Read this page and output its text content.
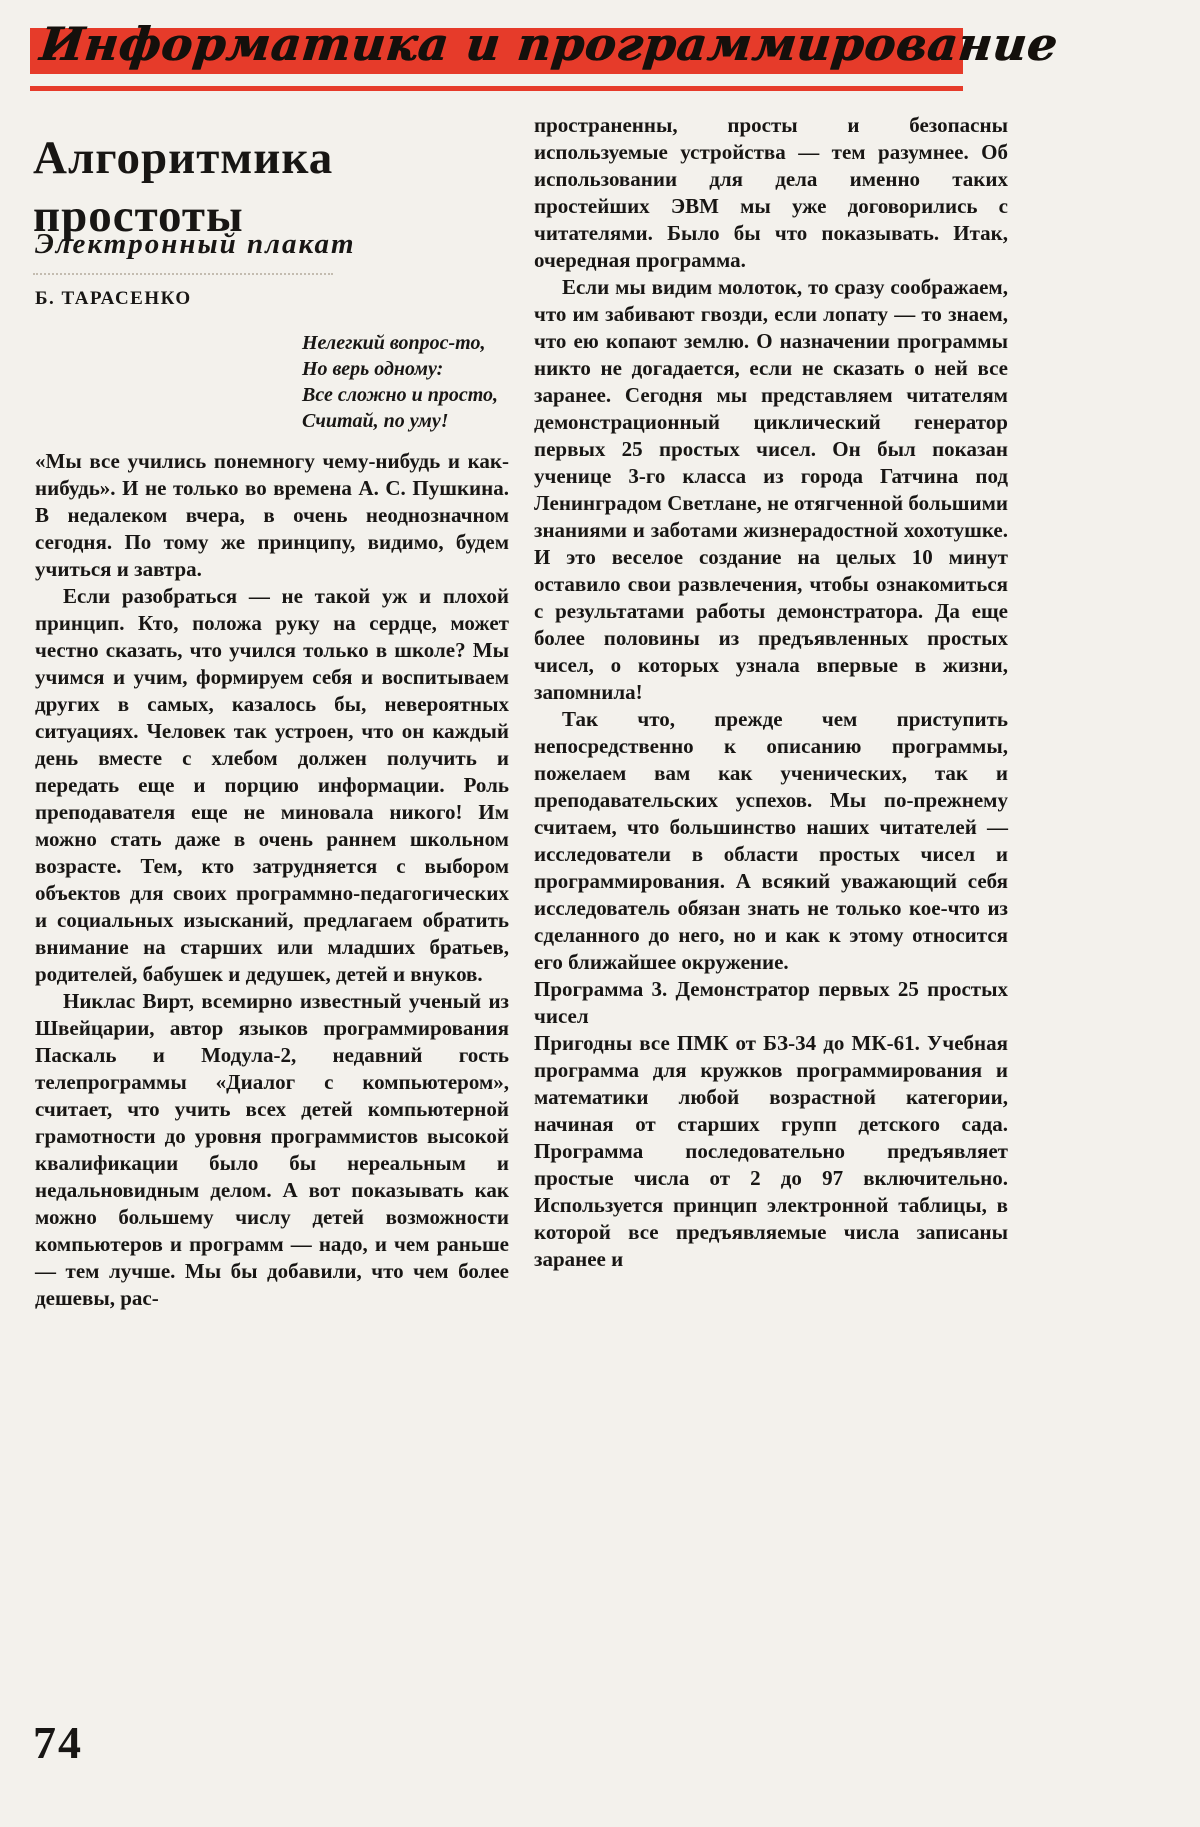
Информатика и программирование
Алгоритмика простоты
Электронный плакат
Б. ТАРАСЕНКО
Нелегкий вопрос-то,
Но верь одному:
Все сложно и просто,
Считай, по уму!

«Мы все учились понемногу чему-нибудь и как-нибудь». И не только во времена А. С. Пушкина. В недалеком вчера, в очень неоднозначном сегодня. По тому же принципу, видимо, будем учиться и завтра.

Если разобраться — не такой уж и плохой принцип. Кто, положа руку на сердце, может честно сказать, что учился только в школе? Мы учимся и учим, формируем себя и воспитываем других в самых, казалось бы, невероятных ситуациях. Человек так устроен, что он каждый день вместе с хлебом должен получить и передать еще и порцию информации. Роль преподавателя еще не миновала никого! Им можно стать даже в очень раннем школьном возрасте. Тем, кто затрудняется с выбором объектов для своих программно-педагогических и социальных изысканий, предлагаем обратить внимание на старших или младших братьев, родителей, бабушек и дедушек, детей и внуков.

Никлас Вирт, всемирно известный ученый из Швейцарии, автор языков программирования Паскаль и Модула-2, недавний гость телепрограммы «Диалог с компьютером», считает, что учить всех детей компьютерной грамотности до уровня программистов высокой квалификации было бы нереальным и недальновидным делом. А вот показывать как можно большему числу детей возможности компьютеров и программ — надо, и чем раньше — тем лучше. Мы бы добавили, что чем более дешевы, рас-

пространенны, просты и безопасны используемые устройства — тем разумнее. Об использовании для дела именно таких простейших ЭВМ мы уже договорились с читателями. Было бы что показывать. Итак, очередная программа.

Если мы видим молоток, то сразу соображаем, что им забивают гвозди, если лопату — то знаем, что ею копают землю. О назначении программы никто не догадается, если не сказать о ней все заранее. Сегодня мы представляем читателям демонстрационный циклический генератор первых 25 простых чисел. Он был показан ученице 3-го класса из города Гатчина под Ленинградом Светлане, не отягченной большими знаниями и заботами жизнерадостной хохотушке. И это веселое создание на целых 10 минут оставило свои развлечения, чтобы ознакомиться с результатами работы демонстратора. Да еще более половины из предъявленных простых чисел, о которых узнала впервые в жизни, запомнила!

Так что, прежде чем приступить непосредственно к описанию программы, пожелаем вам как ученических, так и преподавательских успехов. Мы по-прежнему считаем, что большинство наших читателей — исследователи в области простых чисел и программирования. А всякий уважающий себя исследователь обязан знать не только кое-что из сделанного до него, но и как к этому относится его ближайшее окружение.

Программа 3. Демонстратор первых 25 простых чисел

Пригодны все ПМК от БЗ-34 до МК-61. Учебная программа для кружков программирования и математики любой возрастной категории, начиная от старших групп детского сада. Программа последовательно предъявляет простые числа от 2 до 97 включительно. Используется принцип электронной таблицы, в которой все предъявляемые числа записаны заранее и

74
